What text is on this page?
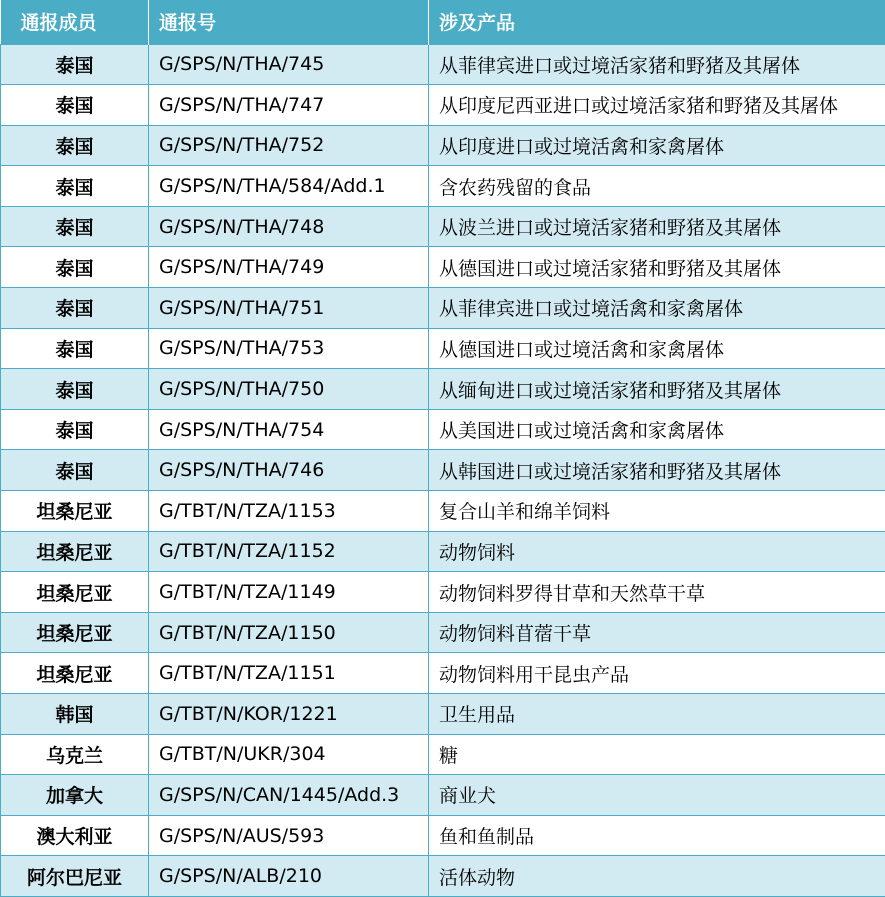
通报成员	通报号	涉及产品
泰国	G/SPS/N/THA/745	从菲律宾进口或过境活家猪和野猪及其屠体
泰国	G/SPS/N/THA/747	从印度尼西亚进口或过境活家猪和野猪及其屠体
泰国	G/SPS/N/THA/752	从印度进口或过境活禽和家禽屠体
泰国	G/SPS/N/THA/584/Add.1	含农药残留的食品
泰国	G/SPS/N/THA/748	从波兰进口或过境活家猪和野猪及其屠体
泰国	G/SPS/N/THA/749	从德国进口或过境活家猪和野猪及其屠体
泰国	G/SPS/N/THA/751	从菲律宾进口或过境活禽和家禽屠体
泰国	G/SPS/N/THA/753	从德国进口或过境活禽和家禽屠体
泰国	G/SPS/N/THA/750	从缅甸进口或过境活家猪和野猪及其屠体
泰国	G/SPS/N/THA/754	从美国进口或过境活禽和家禽屠体
泰国	G/SPS/N/THA/746	从韩国进口或过境活家猪和野猪及其屠体
坦桑尼亚	G/TBT/N/TZA/1153	复合山羊和绵羊饲料
坦桑尼亚	G/TBT/N/TZA/1152	动物饲料
坦桑尼亚	G/TBT/N/TZA/1149	动物饲料罗得甘草和天然草干草
坦桑尼亚	G/TBT/N/TZA/1150	动物饲料苜蓿干草
坦桑尼亚	G/TBT/N/TZA/1151	动物饲料用干昆虫产品
韩国	G/TBT/N/KOR/1221	卫生用品
乌克兰	G/TBT/N/UKR/304	糖
加拿大	G/SPS/N/CAN/1445/Add.3	商业犬
澳大利亚	G/SPS/N/AUS/593	鱼和鱼制品
阿尔巴尼亚	G/SPS/N/ALB/210	活体动物
